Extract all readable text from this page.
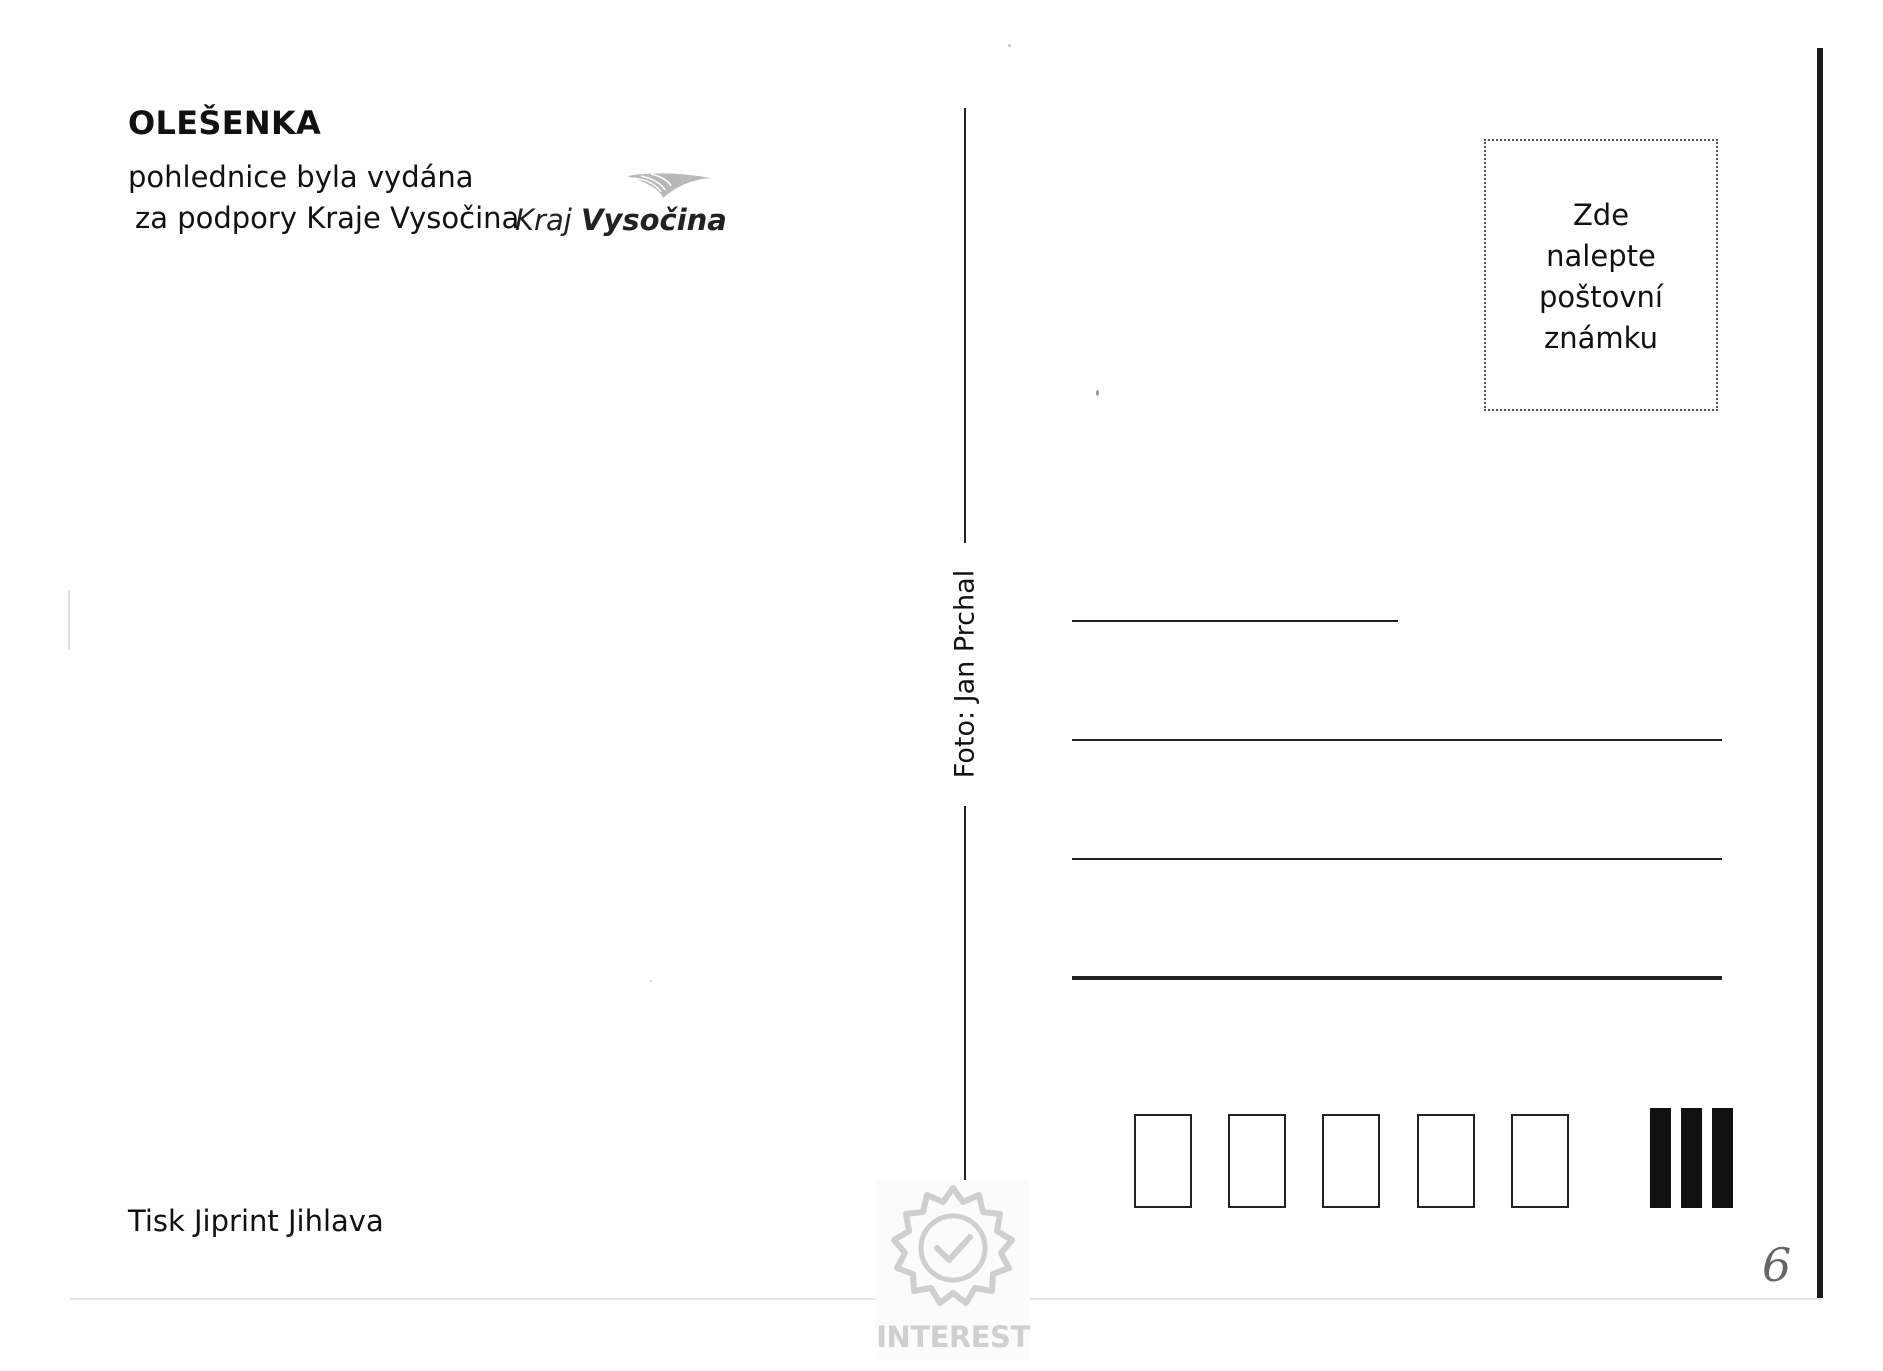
OLEŠENKA
pohlednice byla vydána
za podpory Kraje Vysočina
Kraj Vysočina
Tisk Jiprint Jihlava
Foto: Jan Prchal
Zde
nalepte
poštovní
známku
6
INTEREST
